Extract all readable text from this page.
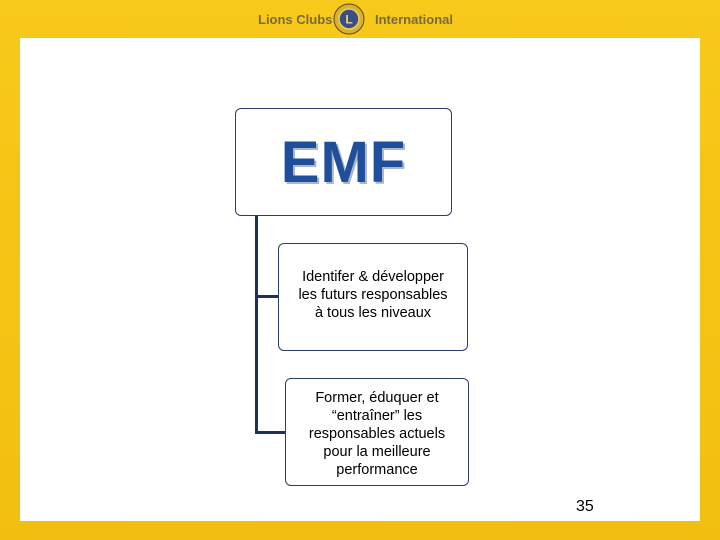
Lions Clubs L International
EMF
Identifer & développer
les futurs responsables
à tous les niveaux
Former, éduquer et
“entraîner” les
responsables actuels
pour la meilleure
performance
35
